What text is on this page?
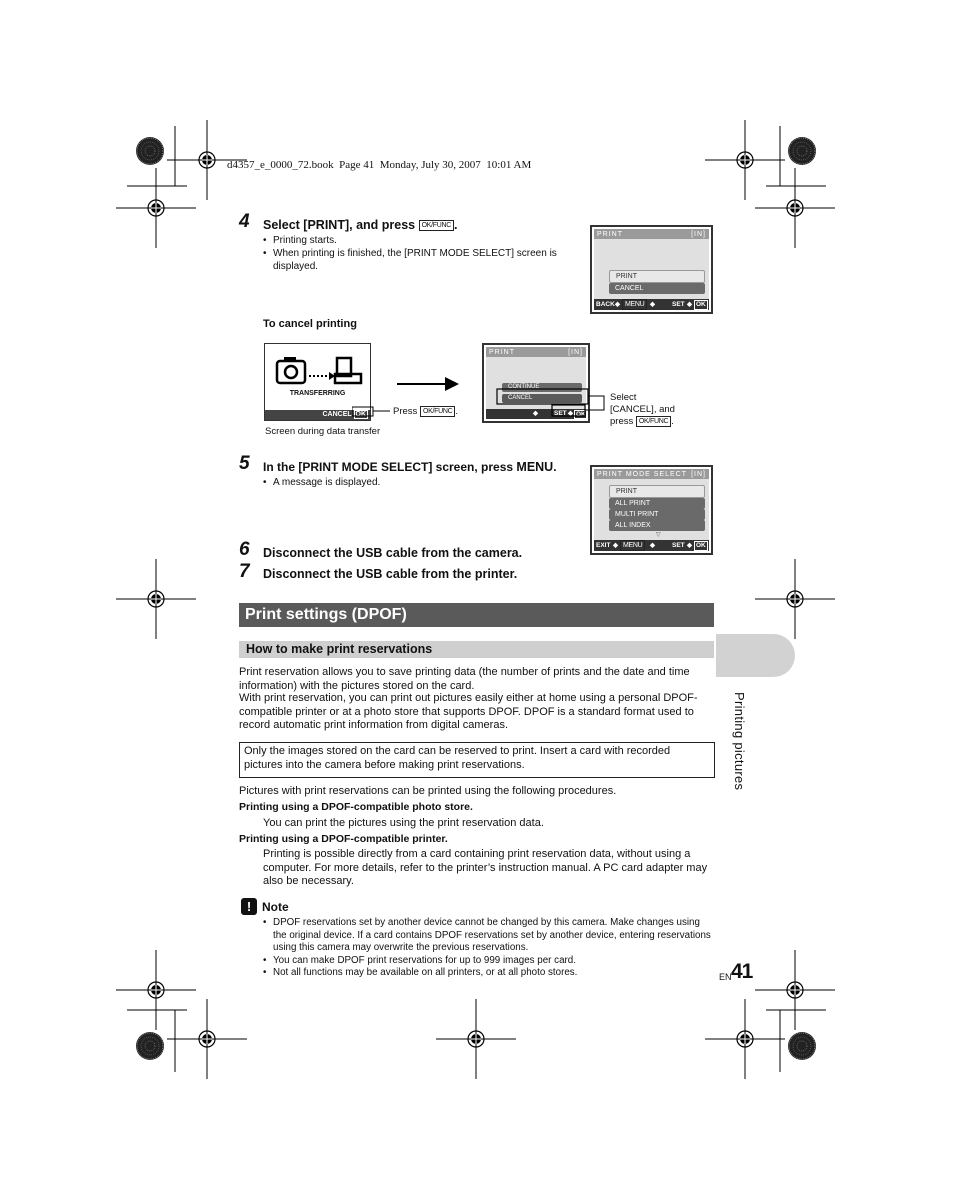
d4357_e_0000_72.book  Page 41  Monday, July 30, 2007  10:01 AM
4 Select [PRINT], and press OK/FUNC .
• Printing starts.
• When printing is finished, the [PRINT MODE SELECT] screen is displayed.
PRINT	[IN]
PRINT
CANCEL
BACK ◆ MENU ◆	SET ◆ OK
To cancel printing
TRANSFERRING
CANCEL OK	Press OK/FUNC .
Screen during data transfer
PRINT	[IN]
CONTINUE
CANCEL
◆ SET ◆ OK
Select
[CANCEL], and
press OK/FUNC .
5 In the [PRINT MODE SELECT] screen, press MENU.
• A message is displayed.
PRINT MODE SELECT [IN]
PRINT
ALL PRINT
MULTI PRINT
ALL INDEX
▽
EXIT ◆ MENU	◆	SET ◆ OK
6 Disconnect the USB cable from the camera.
7 Disconnect the USB cable from the printer.
Print settings (DPOF)
How to make print reservations
Printing pictures
Print reservation allows you to save printing data (the number of prints and the date and time information) with the pictures stored on the card.
With print reservation, you can print out pictures easily either at home using a personal DPOF-compatible printer or at a photo store that supports DPOF. DPOF is a standard format used to record automatic print information from digital cameras.
Only the images stored on the card can be reserved to print. Insert a card with recorded pictures into the camera before making print reservations.
Pictures with print reservations can be printed using the following procedures.
Printing using a DPOF-compatible photo store.
You can print the pictures using the print reservation data.
Printing using a DPOF-compatible printer.
Printing is possible directly from a card containing print reservation data, without using a computer. For more details, refer to the printer’s instruction manual. A PC card adapter may also be necessary.
! Note
• DPOF reservations set by another device cannot be changed by this camera. Make changes using the original device. If a card contains DPOF reservations set by another device, entering reservations using this camera may overwrite the previous reservations.
• You can make DPOF print reservations for up to 999 images per card.
• Not all functions may be available on all printers, or at all photo stores.	EN 41
